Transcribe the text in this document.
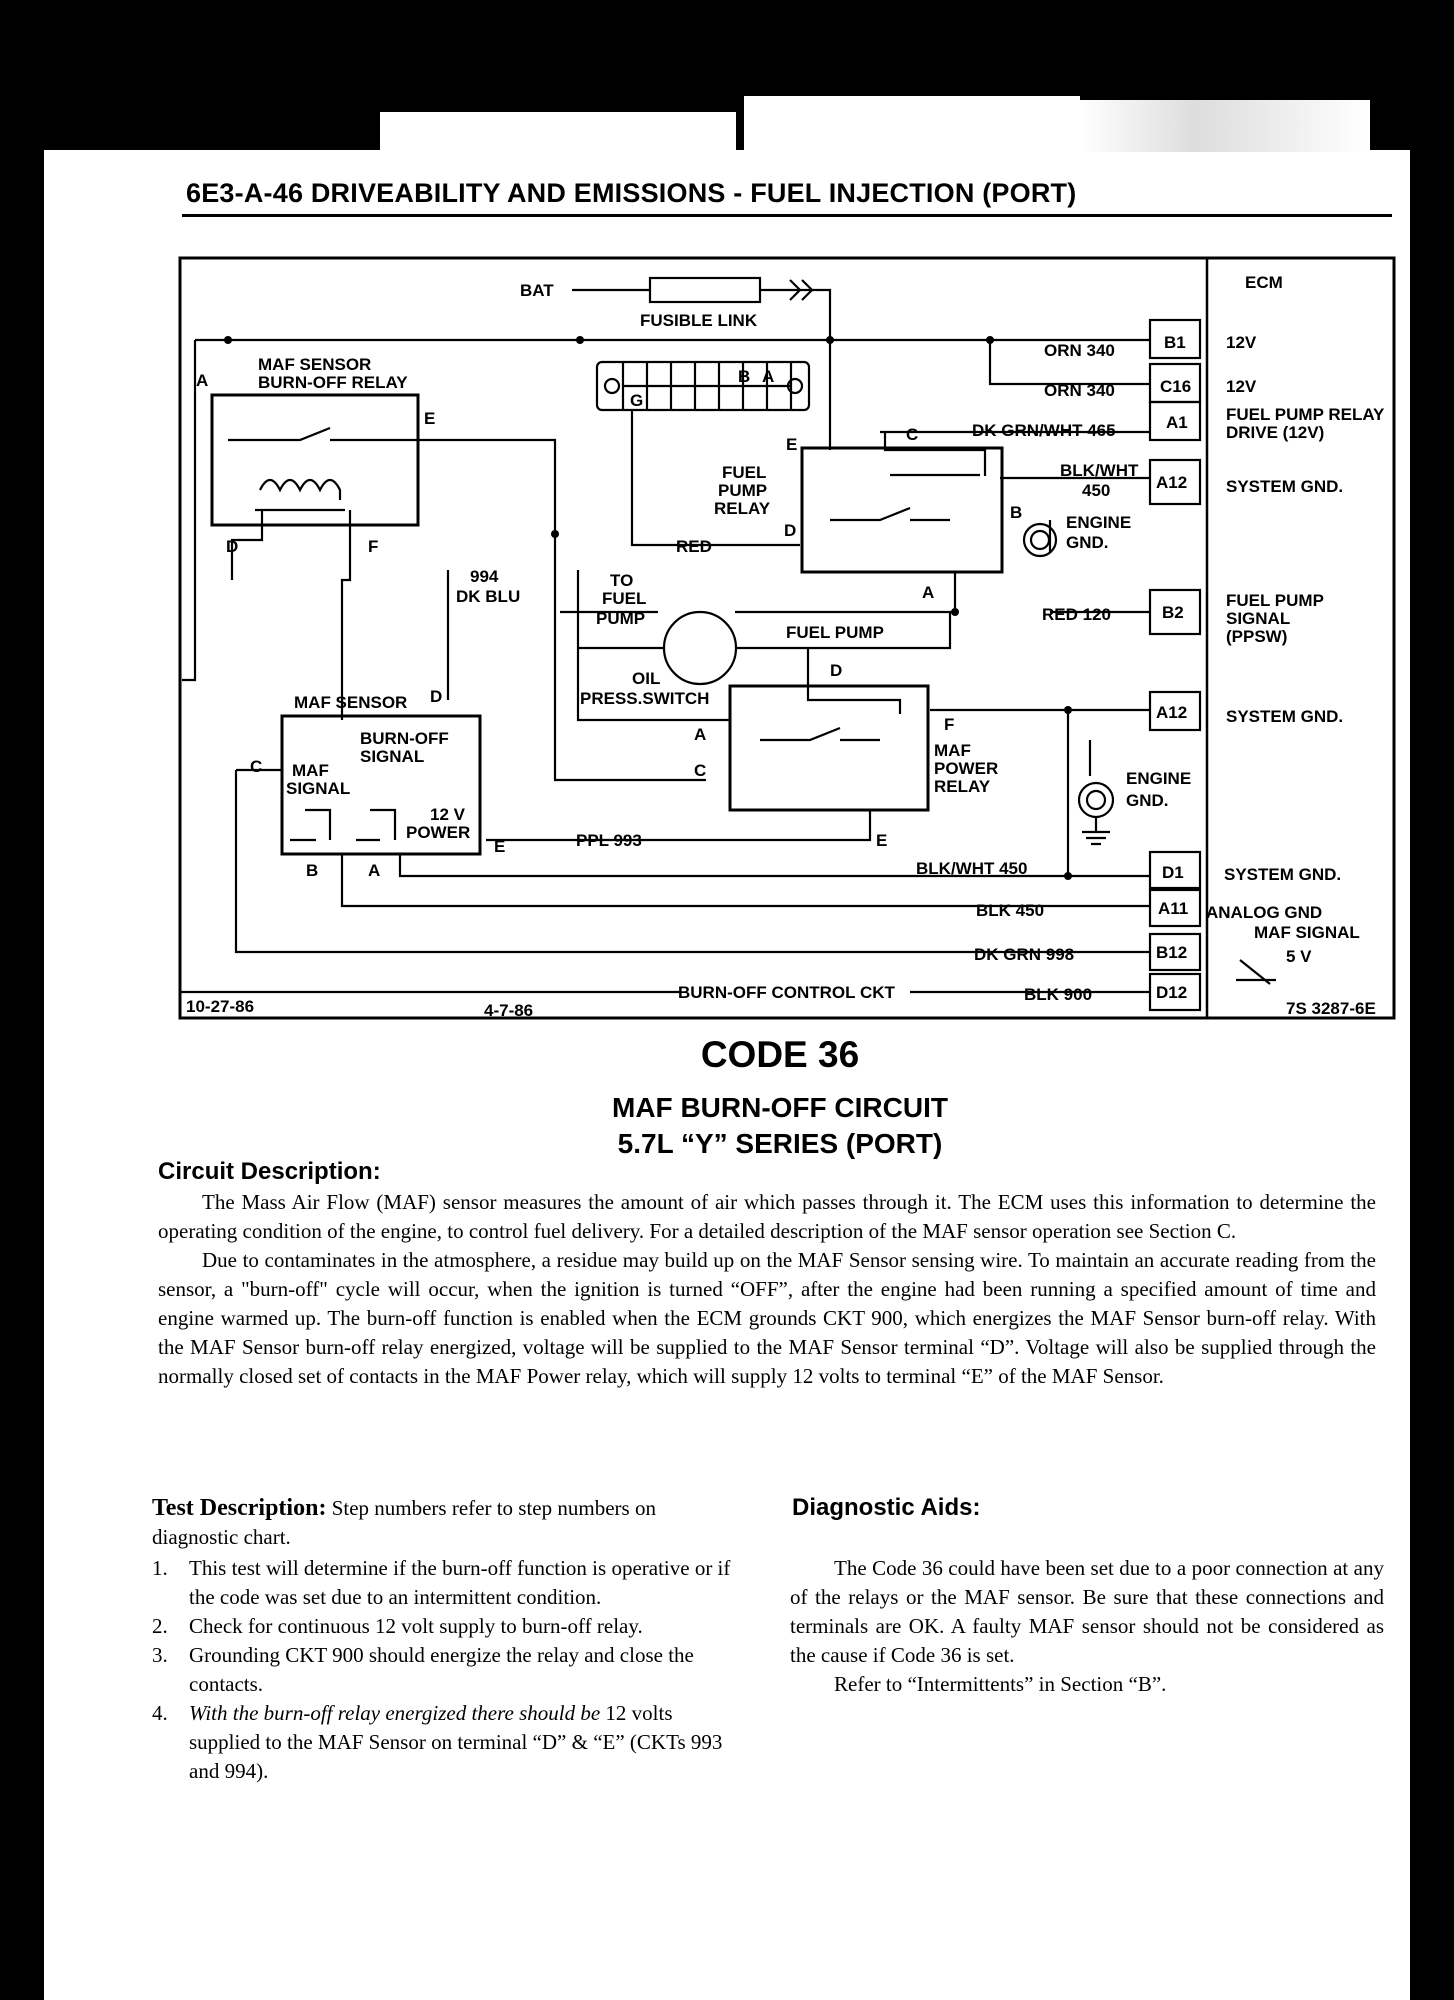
6E3-A-46 DRIVEABILITY AND EMISSIONS - FUEL INJECTION (PORT)
ECM
BAT
FUSIBLE LINK
MAF SENSOR
BURN-OFF RELAY
FUEL
PUMP
RELAY
RED
TO
FUEL
PUMP
FUEL PUMP
OIL
PRESS.SWITCH
994
DK BLU
MAF SENSOR
BURN-OFF
SIGNAL
MAF
SIGNAL
12 V
POWER
MAF
POWER
RELAY
ENGINE
GND.
ENGINE
GND.
PPL 993
BURN-OFF CONTROL CKT
10-27-86	4-7-86	7S 3287-6E
A
E
D	F
G
B A
E
C
B
D
A
D
F
A
C
E
D
C
E
B	A
ORN 340	B1 12V
ORN 340	C16 12V
DK GRN/WHT 465	A1 FUEL PUMP RELAY
DRIVE (12V)
BLK/WHT
450	A12 SYSTEM GND.
RED 120	B2
FUEL PUMP
SIGNAL
(PPSW)
A12 SYSTEM GND.
BLK/WHT 450	D1 SYSTEM GND.
BLK 450	A11 ANALOG GND
DK GRN 998	B12
MAF SIGNAL
5 V
BLK 900	D12
CODE 36
MAF BURN-OFF CIRCUIT
5.7L “Y” SERIES (PORT)
Circuit Description:

The Mass Air Flow (MAF) sensor measures the amount of air which passes through it. The ECM uses this information to determine the operating condition of the engine, to control fuel delivery. For a detailed description of the MAF sensor operation see Section C.

Due to contaminates in the atmosphere, a residue may build up on the MAF Sensor sensing wire. To maintain an accurate reading from the sensor, a "burn-off" cycle will occur, when the ignition is turned “OFF”, after the engine had been running a specified amount of time and engine warmed up. The burn-off function is enabled when the ECM grounds CKT 900, which energizes the MAF Sensor burn-off relay. With the MAF Sensor burn-off relay energized, voltage will be supplied to the MAF Sensor terminal “D”. Voltage will also be supplied through the normally closed set of contacts in the MAF Power relay, which will supply 12 volts to terminal “E” of the MAF Sensor.

Test Description: Step numbers refer to step numbers on diagnostic chart.
1. This test will determine if the burn-off function is operative or if the code was set due to an intermittent condition.
2. Check for continuous 12 volt supply to burn-off relay.
3. Grounding CKT 900 should energize the relay and close the contacts.
4. With the burn-off relay energized there should be 12 volts supplied to the MAF Sensor on terminal “D” & “E” (CKTs 993 and 994).
Diagnostic Aids:

The Code 36 could have been set due to a poor connection at any of the relays or the MAF sensor. Be sure that these connections and terminals are OK. A faulty MAF sensor should not be considered as the cause if Code 36 is set.

Refer to “Intermittents” in Section “B”.
